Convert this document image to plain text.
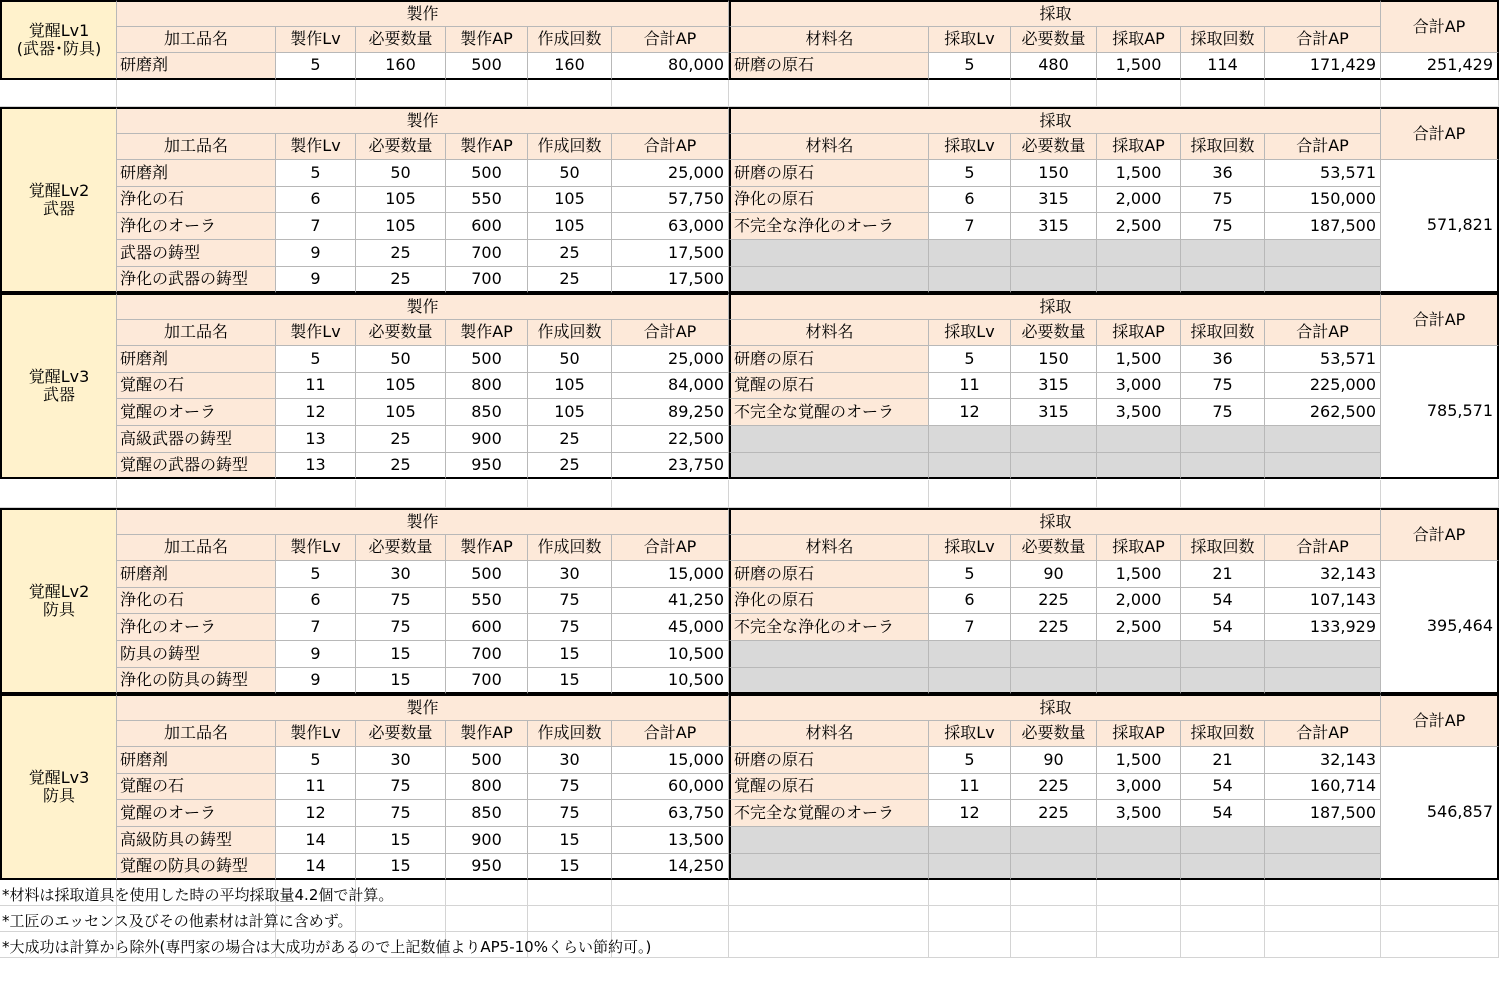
覚醒Lv1
(武器･防具)
製作	採取
合計AP
加工品名	製作Lv 必要数量 製作AP 作成回数	合計AP	材料名	採取Lv 必要数量 採取AP 採取回数	合計AP
研磨剤	5	160	500	160	80,000 研磨の原石	5	480	1,500	114	171,429	251,429
覚醒Lv2
武器
製作	採取
合計AP
加工品名	製作Lv 必要数量 製作AP 作成回数	合計AP	材料名	採取Lv 必要数量 採取AP 採取回数	合計AP
研磨剤	5	50	500	50	25,000 研磨の原石	5	150	1,500	36	53,571
浄化の石	6	105	550	105	57,750 浄化の原石	6	315	2,000	75	150,000
浄化のオーラ	7	105	600	105	63,000 不完全な浄化のオーラ	7	315	2,500	75	187,500
武器の鋳型	9	25	700	25	17,500
浄化の武器の鋳型	9	25	700	25	17,500
571,821
覚醒Lv3
武器
製作	採取
合計AP
加工品名	製作Lv 必要数量 製作AP 作成回数	合計AP	材料名	採取Lv 必要数量 採取AP 採取回数	合計AP
研磨剤	5	50	500	50	25,000 研磨の原石	5	150	1,500	36	53,571
覚醒の石	11	105	800	105	84,000 覚醒の原石	11	315	3,000	75	225,000
覚醒のオーラ	12	105	850	105	89,250 不完全な覚醒のオーラ	12	315	3,500	75	262,500
高級武器の鋳型	13	25	900	25	22,500
覚醒の武器の鋳型	13	25	950	25	23,750
785,571
覚醒Lv2
防具
製作	採取
合計AP
加工品名	製作Lv 必要数量 製作AP 作成回数	合計AP	材料名	採取Lv 必要数量 採取AP 採取回数	合計AP
研磨剤	5	30	500	30	15,000 研磨の原石	5	90	1,500	21	32,143
浄化の石	6	75	550	75	41,250 浄化の原石	6	225	2,000	54	107,143
浄化のオーラ	7	75	600	75	45,000 不完全な浄化のオーラ	7	225	2,500	54	133,929
防具の鋳型	9	15	700	15	10,500
浄化の防具の鋳型	9	15	700	15	10,500
395,464
覚醒Lv3
防具
製作	採取
合計AP
加工品名	製作Lv 必要数量 製作AP 作成回数	合計AP	材料名	採取Lv 必要数量 採取AP 採取回数	合計AP
研磨剤	5	30	500	30	15,000 研磨の原石	5	90	1,500	21	32,143
覚醒の石	11	75	800	75	60,000 覚醒の原石	11	225	3,000	54	160,714
覚醒のオーラ	12	75	850	75	63,750 不完全な覚醒のオーラ	12	225	3,500	54	187,500
高級防具の鋳型	14	15	900	15	13,500
覚醒の防具の鋳型	14	15	950	15	14,250
546,857
*材料は採取道具を使用した時の平均採取量4.2個で計算。
*工匠のエッセンス及びその他素材は計算に含めず。
*大成功は計算から除外(専門家の場合は大成功があるので上記数値よりAP5-10%くらい節約可。)
